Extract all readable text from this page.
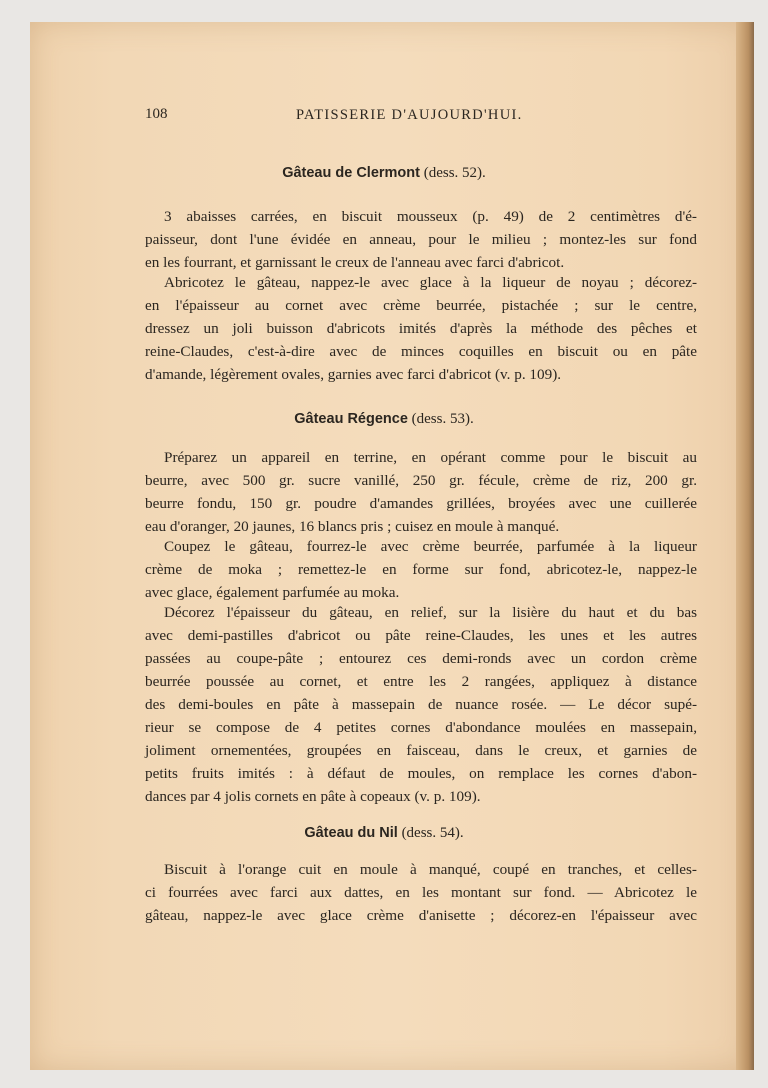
108	PATISSERIE D'AUJOURD'HUI.
Gâteau de Clermont (dess. 52).
3 abaisses carrées, en biscuit mousseux (p. 49) de 2 centimètres d'é-
paisseur, dont l'une évidée en anneau, pour le milieu ; montez-les sur fond
en les fourrant, et garnissant le creux de l'anneau avec farci d'abricot.
Abricotez le gâteau, nappez-le avec glace à la liqueur de noyau ; décorez-
en l'épaisseur au cornet avec crème beurrée, pistachée ; sur le centre,
dressez un joli buisson d'abricots imités d'après la méthode des pêches et
reine-Claudes, c'est-à-dire avec de minces coquilles en biscuit ou en pâte
d'amande, légèrement ovales, garnies avec farci d'abricot (v. p. 109).
Gâteau Régence (dess. 53).
Préparez un appareil en terrine, en opérant comme pour le biscuit au
beurre, avec 500 gr. sucre vanillé, 250 gr. fécule, crème de riz, 200 gr.
beurre fondu, 150 gr. poudre d'amandes grillées, broyées avec une cuillerée
eau d'oranger, 20 jaunes, 16 blancs pris ; cuisez en moule à manqué.
Coupez le gâteau, fourrez-le avec crème beurrée, parfumée à la liqueur
crème de moka ; remettez-le en forme sur fond, abricotez-le, nappez-le
avec glace, également parfumée au moka.
Décorez l'épaisseur du gâteau, en relief, sur la lisière du haut et du bas
avec demi-pastilles d'abricot ou pâte reine-Claudes, les unes et les autres
passées au coupe-pâte ; entourez ces demi-ronds avec un cordon crème
beurrée poussée au cornet, et entre les 2 rangées, appliquez à distance
des demi-boules en pâte à massepain de nuance rosée. — Le décor supé-
rieur se compose de 4 petites cornes d'abondance moulées en massepain,
joliment ornementées, groupées en faisceau, dans le creux, et garnies de
petits fruits imités : à défaut de moules, on remplace les cornes d'abon-
dances par 4 jolis cornets en pâte à copeaux (v. p. 109).
Gâteau du Nil (dess. 54).
Biscuit à l'orange cuit en moule à manqué, coupé en tranches, et celles-
ci fourrées avec farci aux dattes, en les montant sur fond. — Abricotez le
gâteau, nappez-le avec glace crème d'anisette ; décorez-en l'épaisseur avec
